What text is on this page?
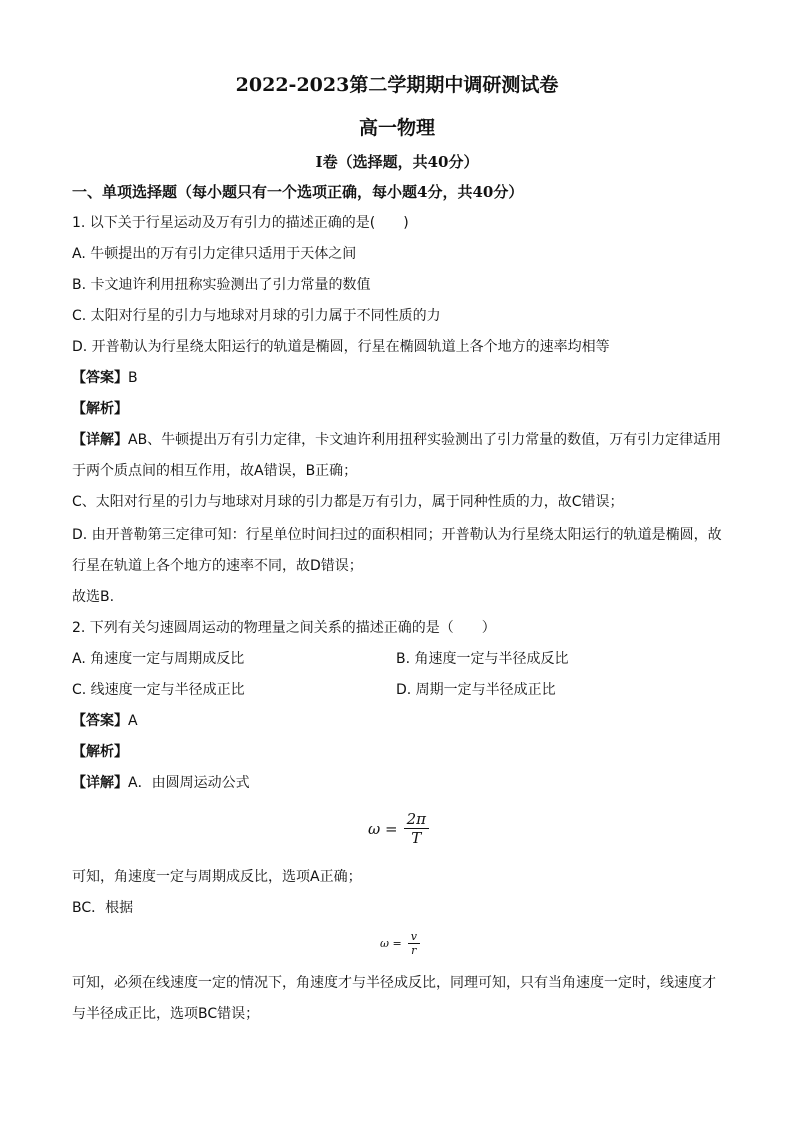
2022-2023第二学期期中调研测试卷
高一物理
Ⅰ卷（选择题，共40分）
一、单项选择题（每小题只有一个选项正确，每小题4分，共40分）
1. 以下关于行星运动及万有引力的描述正确的是(　　)
A. 牛顿提出的万有引力定律只适用于天体之间
B. 卡文迪许利用扭称实验测出了引力常量的数值
C. 太阳对行星的引力与地球对月球的引力属于不同性质的力
D. 开普勒认为行星绕太阳运行的轨道是椭圆，行星在椭圆轨道上各个地方的速率均相等
【答案】B
【解析】
【详解】AB、牛顿提出万有引力定律，卡文迪许利用扭秤实验测出了引力常量的数值，万有引力定律适用
于两个质点间的相互作用，故A错误，B正确；
C、太阳对行星的引力与地球对月球的引力都是万有引力，属于同种性质的力，故C错误；
D. 由开普勒第三定律可知：行星单位时间扫过的面积相同；开普勒认为行星绕太阳运行的轨道是椭圆，故
行星在轨道上各个地方的速率不同，故D错误；
故选B.
2. 下列有关匀速圆周运动的物理量之间关系的描述正确的是（　　）
A. 角速度一定与周期成反比	B. 角速度一定与半径成反比
C. 线速度一定与半径成正比	D. 周期一定与半径成正比
【答案】A
【解析】
【详解】A．由圆周运动公式
$\omega = \frac{2\pi}{T}$
可知，角速度一定与周期成反比，选项A正确；
BC．根据
$\omega = \frac{v}{r}$
可知，必须在线速度一定的情况下，角速度才与半径成反比，同理可知，只有当角速度一定时，线速度才
与半径成正比，选项BC错误；
